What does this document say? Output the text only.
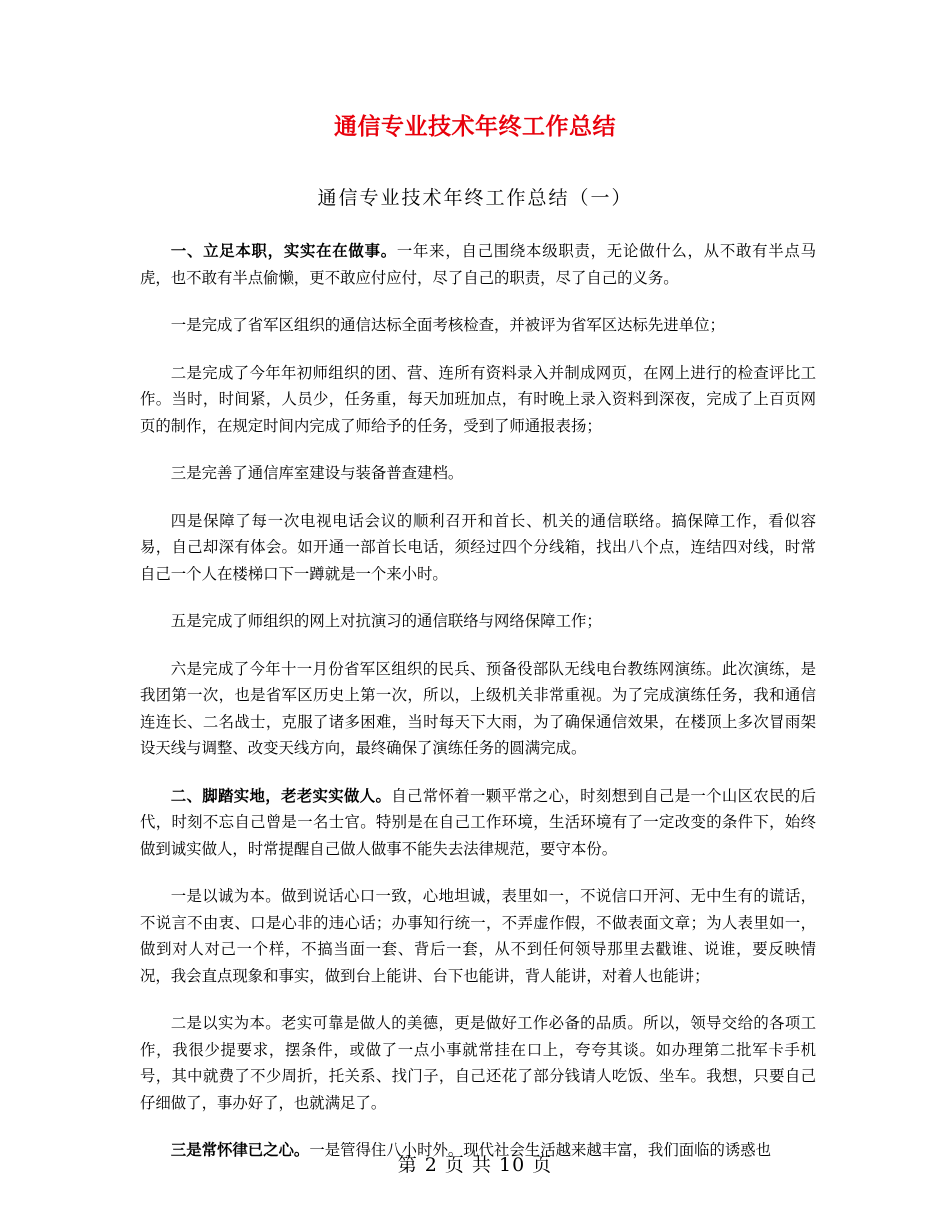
通信专业技术年终工作总结
通信专业技术年终工作总结（一）

一、立足本职，实实在在做事。一年来，自己围绕本级职责，无论做什么，从不敢有半点马虎，也不敢有半点偷懒，更不敢应付应付，尽了自己的职责，尽了自己的义务。

一是完成了省军区组织的通信达标全面考核检查，并被评为省军区达标先进单位；

二是完成了今年年初师组织的团、营、连所有资料录入并制成网页，在网上进行的检查评比工作。当时，时间紧，人员少，任务重，每天加班加点，有时晚上录入资料到深夜，完成了上百页网页的制作，在规定时间内完成了师给予的任务，受到了师通报表扬；

三是完善了通信库室建设与装备普查建档。

四是保障了每一次电视电话会议的顺利召开和首长、机关的通信联络。搞保障工作，看似容易，自己却深有体会。如开通一部首长电话，须经过四个分线箱，找出八个点，连结四对线，时常自己一个人在楼梯口下一蹲就是一个来小时。

五是完成了师组织的网上对抗演习的通信联络与网络保障工作；

六是完成了今年十一月份省军区组织的民兵、预备役部队无线电台教练网演练。此次演练，是我团第一次，也是省军区历史上第一次，所以，上级机关非常重视。为了完成演练任务，我和通信连连长、二名战士，克服了诸多困难，当时每天下大雨，为了确保通信效果，在楼顶上多次冒雨架设天线与调整、改变天线方向，最终确保了演练任务的圆满完成。

二、脚踏实地，老老实实做人。自己常怀着一颗平常之心，时刻想到自己是一个山区农民的后代，时刻不忘自己曾是一名士官。特别是在自己工作环境，生活环境有了一定改变的条件下，始终做到诚实做人，时常提醒自己做人做事不能失去法律规范，要守本份。

一是以诚为本。做到说话心口一致，心地坦诚，表里如一，不说信口开河、无中生有的谎话，不说言不由衷、口是心非的违心话；办事知行统一，不弄虚作假，不做表面文章；为人表里如一，做到对人对己一个样，不搞当面一套、背后一套，从不到任何领导那里去戳谁、说谁，要反映情况，我会直点现象和事实，做到台上能讲、台下也能讲，背人能讲，对着人也能讲；

二是以实为本。老实可靠是做人的美德，更是做好工作必备的品质。所以，领导交给的各项工作，我很少提要求，摆条件，或做了一点小事就常挂在口上，夸夸其谈。如办理第二批军卡手机号，其中就费了不少周折，托关系、找门子，自己还花了部分钱请人吃饭、坐车。我想，只要自己仔细做了，事办好了，也就满足了。

三是常怀律已之心。一是管得住八小时外。现代社会生活越来越丰富，我们面临的诱惑也

第 2 页 共 10 页
